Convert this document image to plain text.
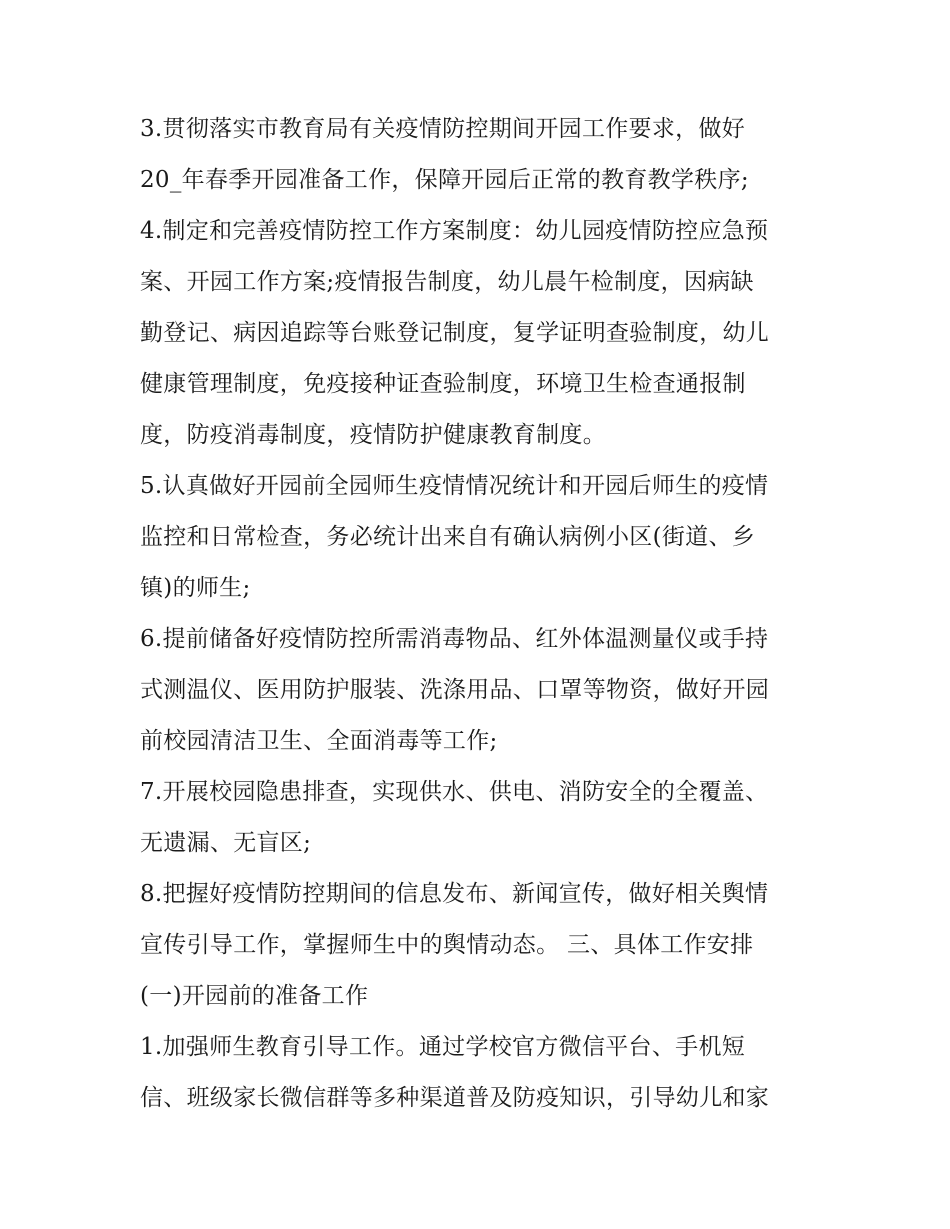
3.贯彻落实市教育局有关疫情防控期间开园工作要求，做好
20_年春季开园准备工作，保障开园后正常的教育教学秩序;
4.制定和完善疫情防控工作方案制度：幼儿园疫情防控应急预
案、开园工作方案;疫情报告制度，幼儿晨午检制度，因病缺
勤登记、病因追踪等台账登记制度，复学证明查验制度，幼儿
健康管理制度，免疫接种证查验制度，环境卫生检查通报制
度，防疫消毒制度，疫情防护健康教育制度。
5.认真做好开园前全园师生疫情情况统计和开园后师生的疫情
监控和日常检查，务必统计出来自有确认病例小区(街道、乡
镇)的师生;
6.提前储备好疫情防控所需消毒物品、红外体温测量仪或手持
式测温仪、医用防护服装、洗涤用品、口罩等物资，做好开园
前校园清洁卫生、全面消毒等工作;
7.开展校园隐患排查，实现供水、供电、消防安全的全覆盖、
无遗漏、无盲区;
8.把握好疫情防控期间的信息发布、新闻宣传，做好相关舆情
宣传引导工作，掌握师生中的舆情动态。 三、具体工作安排
(一)开园前的准备工作
1.加强师生教育引导工作。通过学校官方微信平台、手机短
信、班级家长微信群等多种渠道普及防疫知识，引导幼儿和家
